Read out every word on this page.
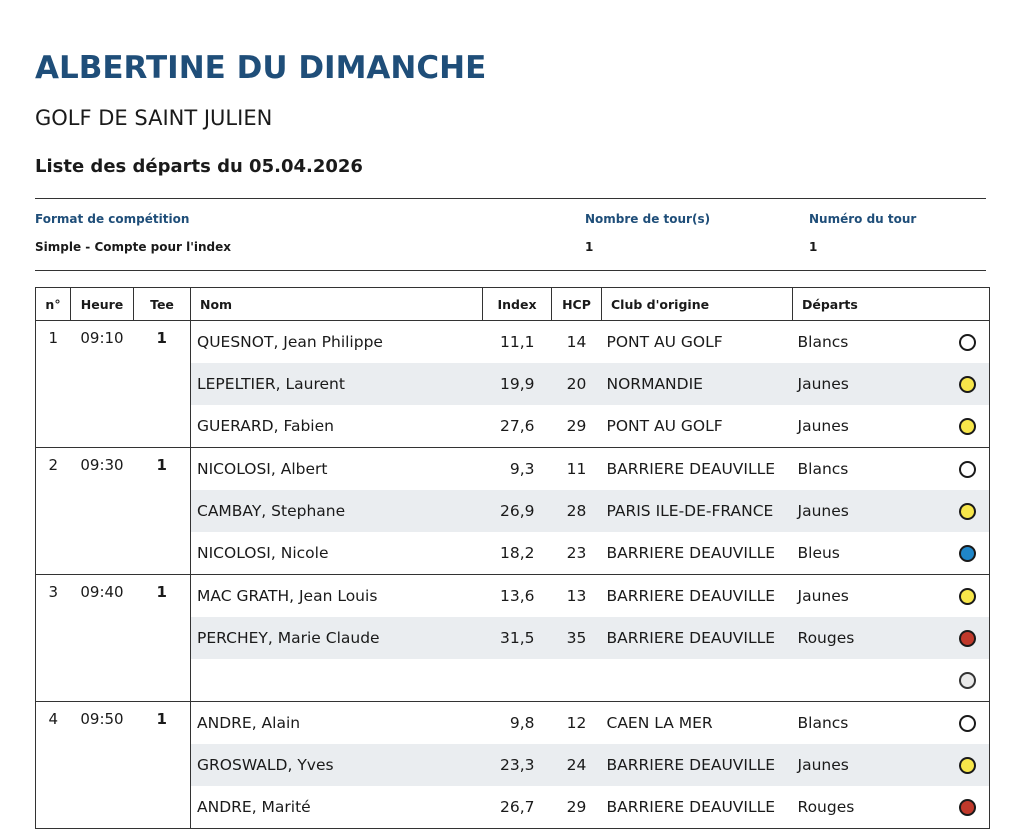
ALBERTINE DU DIMANCHE
GOLF DE SAINT JULIEN
Liste des départs du 05.04.2026
Format de compétition
Simple - Compte pour l'index
Nombre de tour(s)
1
Numéro du tour
1
n°	Heure	Tee	Nom	Index	HCP	Club d'origine	Départs	
1	09:10	1	QUESNOT, Jean Philippe	11,1	14	PONT AU GOLF	Blancs	
			LEPELTIER, Laurent	19,9	20	NORMANDIE	Jaunes	
			GUERARD, Fabien	27,6	29	PONT AU GOLF	Jaunes	
2	09:30	1	NICOLOSI, Albert	9,3	11	BARRIERE DEAUVILLE	Blancs	
			CAMBAY, Stephane	26,9	28	PARIS ILE-DE-FRANCE	Jaunes	
			NICOLOSI, Nicole	18,2	23	BARRIERE DEAUVILLE	Bleus	
3	09:40	1	MAC GRATH, Jean Louis	13,6	13	BARRIERE DEAUVILLE	Jaunes	
			PERCHEY, Marie Claude	31,5	35	BARRIERE DEAUVILLE	Rouges	

4	09:50	1	ANDRE, Alain	9,8	12	CAEN LA MER	Blancs	
			GROSWALD, Yves	23,3	24	BARRIERE DEAUVILLE	Jaunes	
			ANDRE, Marité	26,7	29	BARRIERE DEAUVILLE	Rouges	
